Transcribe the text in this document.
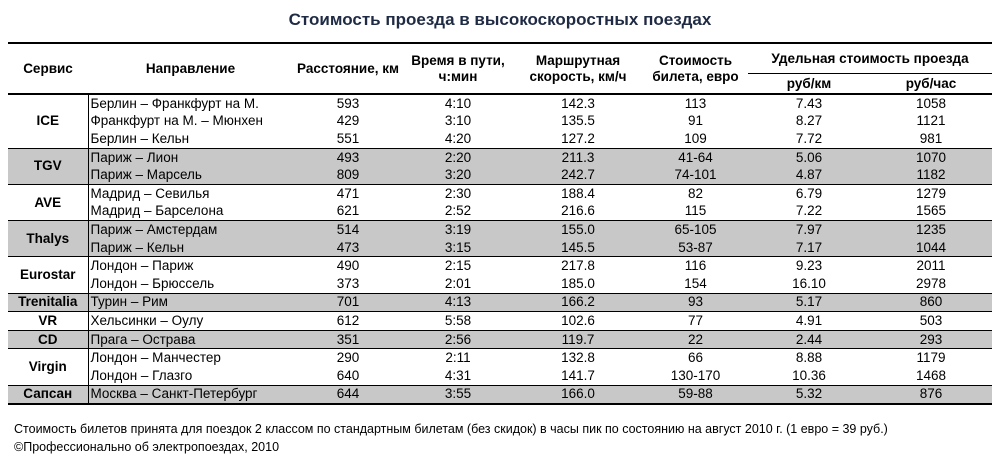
Стоимость проезда в высокоскоростных поездах
Сервис	Направление	Расстояние, км	Время в пути, ч:мин	Маршрутная скорость, км/ч	Стоимость билета, евро	Удельная стоимость проезда	
						руб/км	руб/час
ICE	Берлин – Франкфурт на М.	593	4:10	142.3	113	7.43	1058
	Франкфурт на М. – Мюнхен	429	3:10	135.5	91	8.27	1121
	Берлин – Кельн	551	4:20	127.2	109	7.72	981
TGV	Париж – Лион	493	2:20	211.3	41-64	5.06	1070
	Париж – Марсель	809	3:20	242.7	74-101	4.87	1182
AVE	Мадрид – Севилья	471	2:30	188.4	82	6.79	1279
	Мадрид – Барселона	621	2:52	216.6	115	7.22	1565
Thalys	Париж – Амстердам	514	3:19	155.0	65-105	7.97	1235
	Париж – Кельн	473	3:15	145.5	53-87	7.17	1044
Eurostar	Лондон – Париж	490	2:15	217.8	116	9.23	2011
	Лондон – Брюссель	373	2:01	185.0	154	16.10	2978
Trenitalia	Турин – Рим	701	4:13	166.2	93	5.17	860
VR	Хельсинки – Оулу	612	5:58	102.6	77	4.91	503
CD	Прага – Острава	351	2:56	119.7	22	2.44	293
Virgin	Лондон – Манчестер	290	2:11	132.8	66	8.88	1179
	Лондон – Глазго	640	4:31	141.7	130-170	10.36	1468
Сапсан	Москва – Санкт-Петербург	644	3:55	166.0	59-88	5.32	876
Стоимость билетов принята для поездок 2 классом по стандартным билетам (без скидок) в часы пик по состоянию на август 2010 г. (1 евро = 39 руб.)
©Профессионально об электропоездах, 2010
